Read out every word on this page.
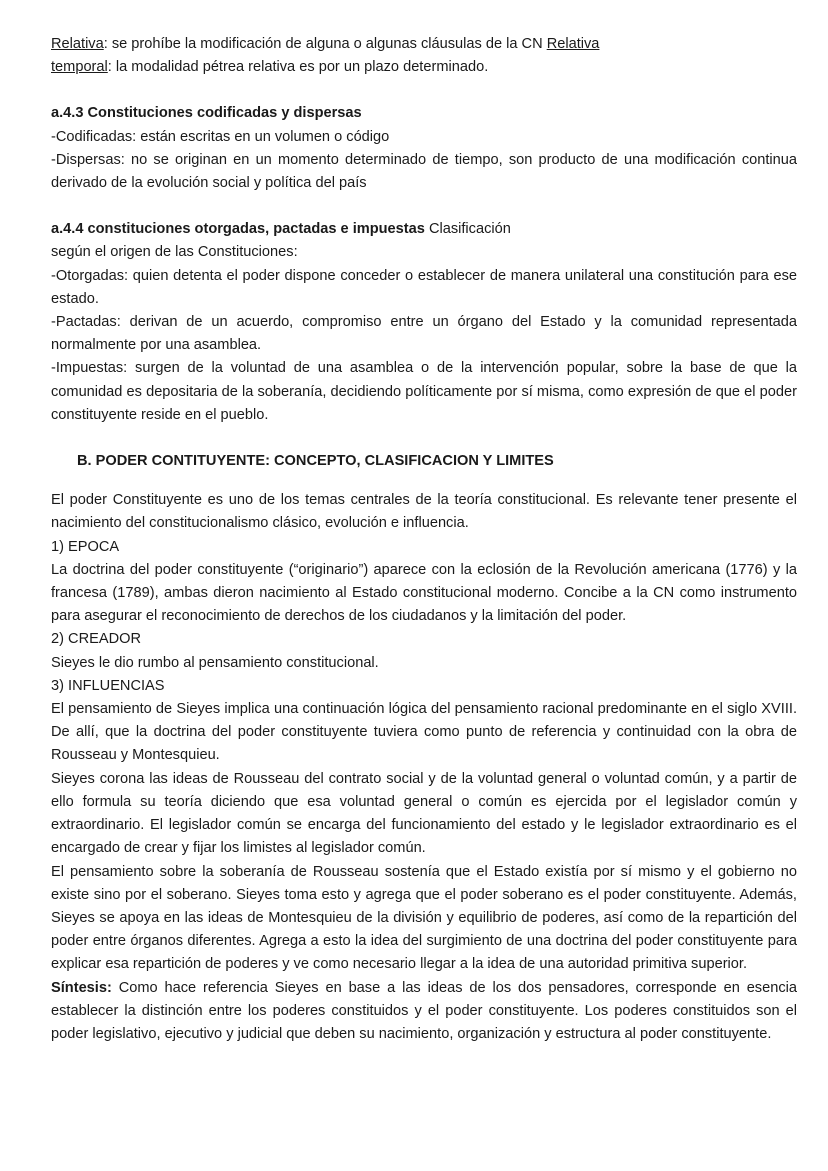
Relativa: se prohíbe la modificación de alguna o algunas cláusulas de la CN Relativa

temporal: la modalidad pétrea relativa es por un plazo determinado.

a.4.3 Constituciones codificadas y dispersas

-Codificadas: están escritas en un volumen o código

-Dispersas: no se originan en un momento determinado de tiempo, son producto de una modificación continua derivado de la evolución social y política del país

a.4.4 constituciones otorgadas, pactadas e impuestas Clasificación

según el origen de las Constituciones:

-Otorgadas: quien detenta el poder dispone conceder o establecer de manera unilateral una constitución para ese estado.

-Pactadas: derivan de un acuerdo, compromiso entre un órgano del Estado y la comunidad representada normalmente por una asamblea.

-Impuestas: surgen de la voluntad de una asamblea o de la intervención popular, sobre la base de que la comunidad es depositaria de la soberanía, decidiendo políticamente por sí misma, como expresión de que el poder constituyente reside en el pueblo.

B. PODER CONTITUYENTE: CONCEPTO, CLASIFICACION Y LIMITES

El poder Constituyente es uno de los temas centrales de la teoría constitucional. Es relevante tener presente el nacimiento del constitucionalismo clásico, evolución e influencia.

1) EPOCA

La doctrina del poder constituyente (“originario”) aparece con la eclosión de la Revolución americana (1776) y la francesa (1789), ambas dieron nacimiento al Estado constitucional moderno. Concibe a la CN como instrumento para asegurar el reconocimiento de derechos de los ciudadanos y la limitación del poder.

2) CREADOR

Sieyes le dio rumbo al pensamiento constitucional.

3) INFLUENCIAS

El pensamiento de Sieyes implica una continuación lógica del pensamiento racional predominante en el siglo XVIII. De allí, que la doctrina del poder constituyente tuviera como punto de referencia y continuidad con la obra de Rousseau y Montesquieu.

Sieyes corona las ideas de Rousseau del contrato social y de la voluntad general o voluntad común, y a partir de ello formula su teoría diciendo que esa voluntad general o común es ejercida por el legislador común y extraordinario. El legislador común se encarga del funcionamiento del estado y le legislador extraordinario es el encargado de crear y fijar los limistes al legislador común.

El pensamiento sobre la soberanía de Rousseau sostenía que el Estado existía por sí mismo y el gobierno no existe sino por el soberano. Sieyes toma esto y agrega que el poder soberano es el poder constituyente. Además, Sieyes se apoya en las ideas de Montesquieu de la división y equilibrio de poderes, así como de la repartición del poder entre órganos diferentes. Agrega a esto la idea del surgimiento de una doctrina del poder constituyente para explicar esa repartición de poderes y ve como necesario llegar a la idea de una autoridad primitiva superior.

Síntesis: Como hace referencia Sieyes en base a las ideas de los dos pensadores, corresponde en esencia establecer la distinción entre los poderes constituidos y el poder constituyente. Los poderes constituidos son el poder legislativo, ejecutivo y judicial que deben su nacimiento, organización y estructura al poder constituyente.
